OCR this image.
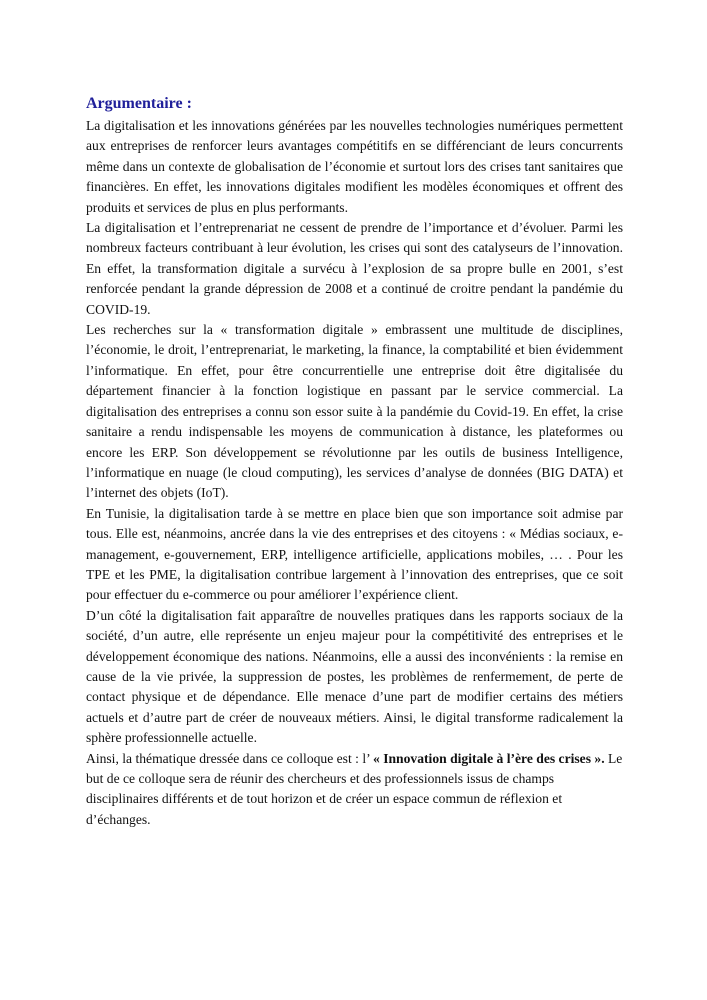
Argumentaire :

La digitalisation et les innovations générées par les nouvelles technologies numériques permettent aux entreprises de renforcer leurs avantages compétitifs en se différenciant de leurs concurrents même dans un contexte de globalisation de l’économie et surtout lors des crises tant sanitaires que financières. En effet, les innovations digitales modifient les modèles économiques et offrent des produits et services de plus en plus performants.

La digitalisation et l’entreprenariat ne cessent de prendre de l’importance et d’évoluer. Parmi les nombreux facteurs contribuant à leur évolution, les crises qui sont des catalyseurs de l’innovation. En effet, la transformation digitale a survécu à l’explosion de sa propre bulle en 2001, s’est renforcée pendant la grande dépression de 2008 et a continué de croitre pendant la pandémie du COVID-19.

Les recherches sur la « transformation digitale » embrassent une multitude de disciplines, l’économie, le droit, l’entreprenariat, le marketing, la finance, la comptabilité et bien évidemment l’informatique. En effet, pour être concurrentielle une entreprise doit être digitalisée du département financier à la fonction logistique en passant par le service commercial. La digitalisation des entreprises a connu son essor suite à la pandémie du Covid-19. En effet, la crise sanitaire a rendu indispensable les moyens de communication à distance, les plateformes ou encore les ERP. Son développement se révolutionne par les outils de business Intelligence, l’informatique en nuage (le cloud computing), les services d’analyse de données (BIG DATA) et l’internet des objets (IoT).

En Tunisie, la digitalisation tarde à se mettre en place bien que son importance soit admise par tous. Elle est, néanmoins, ancrée dans la vie des entreprises et des citoyens : « Médias sociaux, e-management, e-gouvernement, ERP, intelligence artificielle, applications mobiles, … . Pour les TPE et les PME, la digitalisation contribue largement à l’innovation des entreprises, que ce soit pour effectuer du e-commerce ou pour améliorer l’expérience client.

D’un côté la digitalisation fait apparaître de nouvelles pratiques dans les rapports sociaux de la société, d’un autre, elle représente un enjeu majeur pour la compétitivité des entreprises et le développement économique des nations. Néanmoins, elle a aussi des inconvénients : la remise en cause de la vie privée, la suppression de postes, les problèmes de renfermement, de perte de contact physique et de dépendance. Elle menace d’une part de modifier certains des métiers actuels et d’autre part de créer de nouveaux métiers. Ainsi, le digital transforme radicalement la sphère professionnelle actuelle.

Ainsi, la thématique dressée dans ce colloque est : l’ « Innovation digitale à l’ère des crises ». Le but de ce colloque sera de réunir des chercheurs et des professionnels issus de champs disciplinaires différents et de tout horizon et de créer un espace commun de réflexion et d’échanges.
